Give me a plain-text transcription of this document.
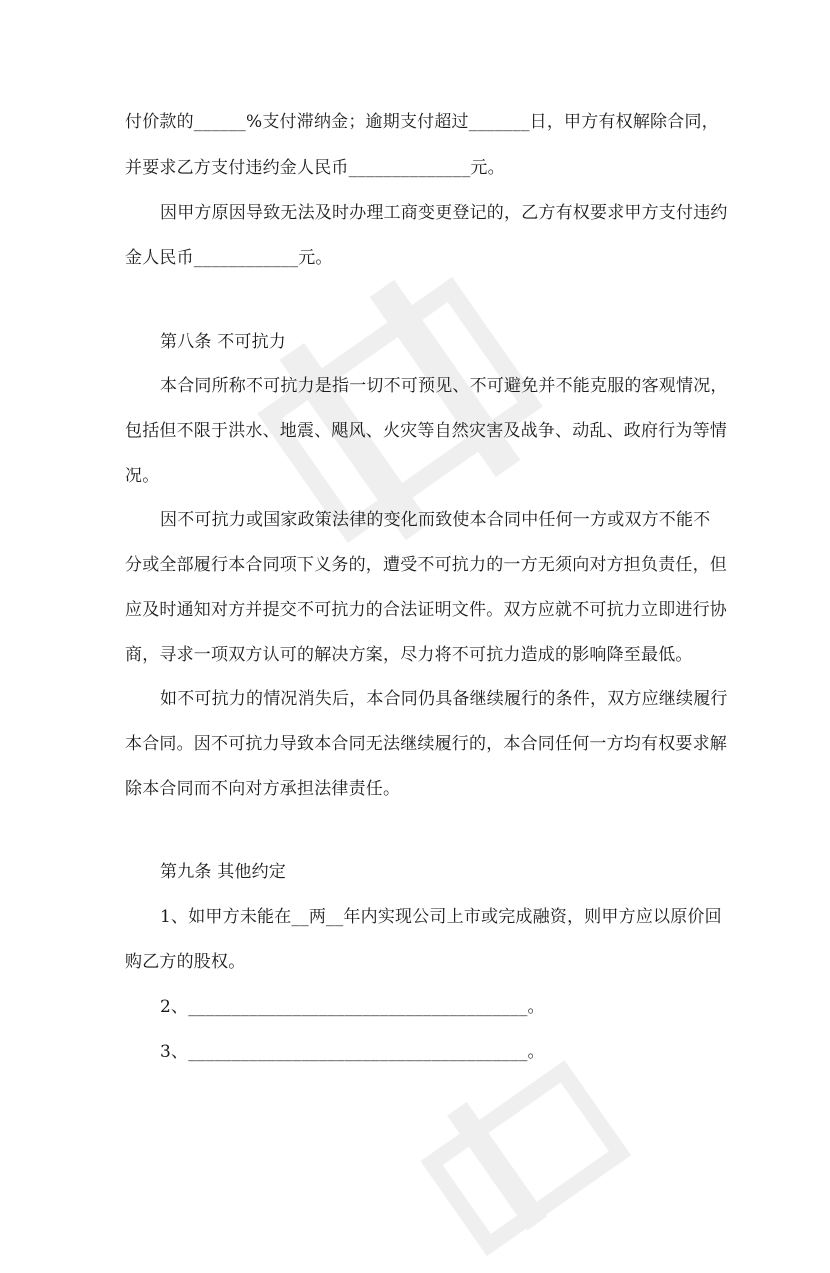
付价款的______%支付滞纳金；逾期支付超过_______日，甲方有权解除合同，
并要求乙方支付违约金人民币______________元。
因甲方原因导致无法及时办理工商变更登记的，乙方有权要求甲方支付违约
金人民币____________元。
第八条 不可抗力
本合同所称不可抗力是指一切不可预见、不可避免并不能克服的客观情况，
包括但不限于洪水、地震、飓风、火灾等自然灾害及战争、动乱、政府行为等情
况。
因不可抗力或国家政策法律的变化而致使本合同中任何一方或双方不能不
分或全部履行本合同项下义务的，遭受不可抗力的一方无须向对方担负责任，但
应及时通知对方并提交不可抗力的合法证明文件。双方应就不可抗力立即进行协
商，寻求一项双方认可的解决方案，尽力将不可抗力造成的影响降至最低。
如不可抗力的情况消失后，本合同仍具备继续履行的条件，双方应继续履行
本合同。因不可抗力导致本合同无法继续履行的，本合同任何一方均有权要求解
除本合同而不向对方承担法律责任。
第九条 其他约定
1、如甲方未能在__两__年内实现公司上市或完成融资，则甲方应以原价回
购乙方的股权。
2、_______________________________________。
3、_______________________________________。
